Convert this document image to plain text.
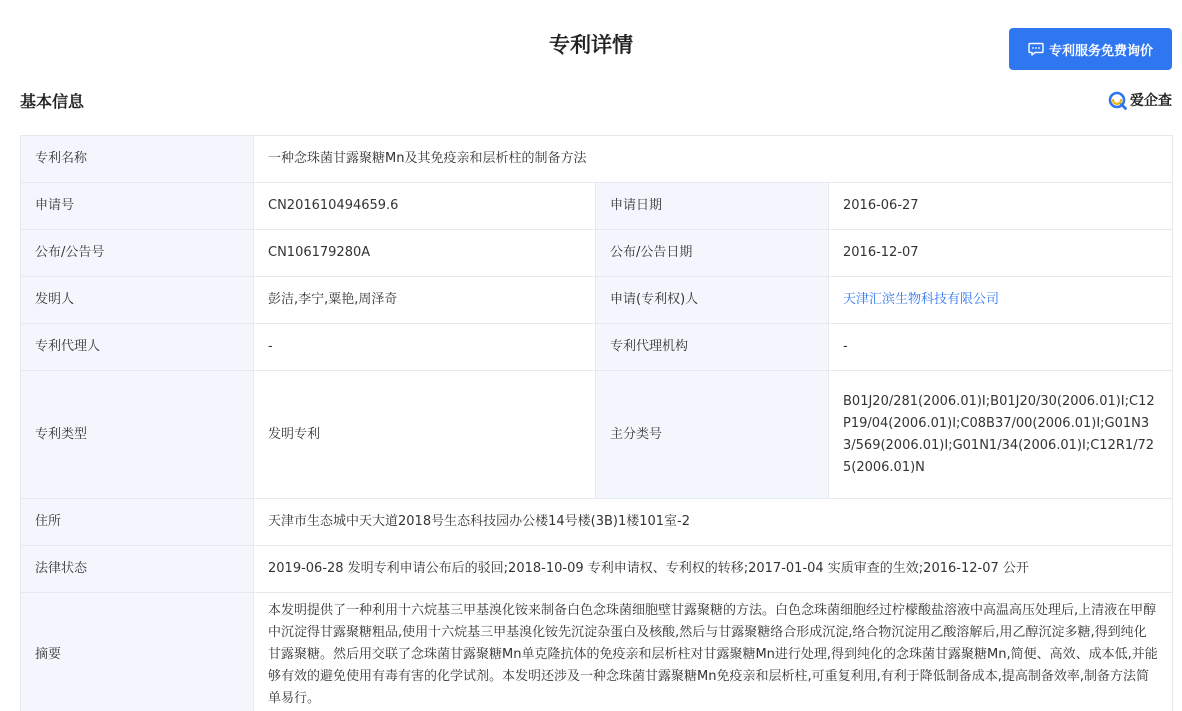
专利详情	专利服务免费询价
基本信息	爱企查
专利名称	一种念珠菌甘露聚糖Mn及其免疫亲和层析柱的制备方法		
申请号	CN201610494659.6	申请日期	2016-06-27
公布/公告号	CN106179280A	公布/公告日期	2016-12-07
发明人	彭洁,李宁,粟艳,周泽奇	申请(专利权)人	天津汇滨生物科技有限公司
专利代理人	-	专利代理机构	-
专利类型	发明专利	主分类号	B01J20/281(2006.01)I;B01J20/30(2006.01)I;C12P19/04(2006.01)I;C08B37/00(2006.01)I;G01N33/569(2006.01)I;G01N1/34(2006.01)I;C12R1/725(2006.01)N
住所	天津市生态城中天大道2018号生态科技园办公楼14号楼(3B)1楼101室-2		
法律状态	2019-06-28 发明专利申请公布后的驳回;2018-10-09 专利申请权、专利权的转移;2017-01-04 实质审查的生效;2016-12-07 公开		
摘要	本发明提供了一种利用十六烷基三甲基溴化铵来制备白色念珠菌细胞壁甘露聚糖的方法。白色念珠菌细胞经过柠檬酸盐溶液中高温高压处理后,上清液在甲醇中沉淀得甘露聚糖粗品,使用十六烷基三甲基溴化铵先沉淀杂蛋白及核酸,然后与甘露聚糖络合形成沉淀,络合物沉淀用乙酸溶解后,用乙醇沉淀多糖,得到纯化甘露聚糖。然后用交联了念珠菌甘露聚糖Mn单克隆抗体的免疫亲和层析柱对甘露聚糖Mn进行处理,得到纯化的念珠菌甘露聚糖Mn,简便、高效、成本低,并能够有效的避免使用有毒有害的化学试剂。本发明还涉及一种念珠菌甘露聚糖Mn免疫亲和层析柱,可重复利用,有利于降低制备成本,提高制备效率,制备方法简单易行。		
